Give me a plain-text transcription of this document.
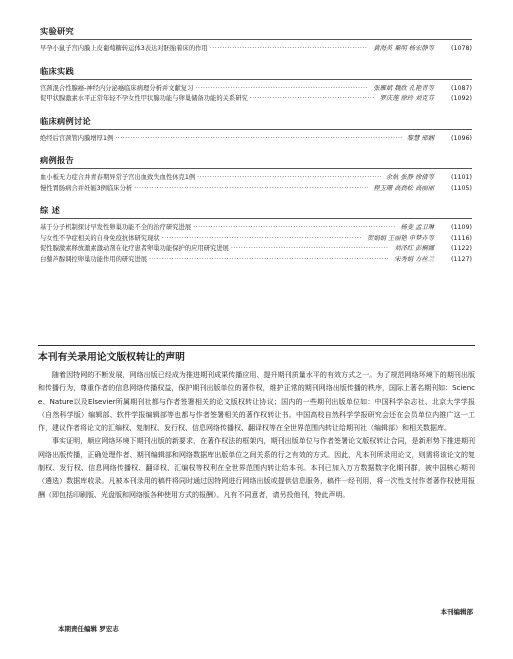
实验研究
早孕小鼠子宫内膜上皮葡萄糖转运体3表达对胚胎着床的作用 ·····	黄海英 粟明 杨宏静等	(1078)
临床实践
宫颈混合性腺癌-神经内分泌癌临床病理分析并文献复习 ·····	张雁斌 魏欣 孔艳青等	(1087)
促甲状腺激素水平正常年轻不孕女性甲状腺功能与卵巢储备功能的关系研究 ·····	罗庆莲 徐玲 刘克芬	(1092)
临床病例讨论
绝经后宫颈管内膜增厚1例 ·····	黎慧 邢娴	(1096)
病例报告
血小板无力症合并青春期异常子宫出血致失血性休克1例 ·····	余航 张静 徐倩等	(1101)
慢性胃肠病合并妊娠3例临床分析 ·····	程玉珊 高劲松 高丽丽	(1105)
综 述
基于分子机制探讨早发性卵巢功能不全的治疗研究进展 ·····	杨斐 孟卫琳	(1109)
与女性不孕症相关的自身免疫抗体研究现状 ·····	贺娟娟 王丽艳 申梦卉等	(1116)
促性腺激素释放激素激动剂在化疗患者卵巢功能保护的应用研究进展 ·····	刘泽红 彭桐娜	(1122)
白藜芦醇调控卵巢功能作用的研究进展 ·····	宋秀娟 方丝兰	(1127)
本刊有关录用论文版权转让的声明

随着因特网的不断发展，网络出版已经成为推进期刊成果传播应用、提升期刊质量水平的有效方式之一。为了规范网络环境下的期刊出版和传播行为，尊重作者的信息网络传播权益，保护期刊出版单位的著作权，维护正常的期刊网络出版传播的秩序，国际上著名期刊如：Science、Nature以及Elsevier所属期刊社都与作者签署相关的论文版权转让协议；国内的一些期刊出版单位如：中国科学杂志社、北京大学学报（自然科学版）编辑部、软件学报编辑部等也都与作者签署相关的著作权转让书。中国高校自然科学学报研究会还在会员单位内推广这一工作，建议作者将论文的汇编权、复制权、发行权、信息网络传播权、翻译权等在全世界范围内转让给期刊社（编辑部）和相关数据库。

事实证明，顺应网络环境下期刊出版的新要求，在著作权法的框架内，期刊出版单位与作者签署论文版权转让合同，是新形势下推进期刊网络出版传播，正确处理作者、期刊编辑部和网络数据库出版单位之间关系的行之有效的方式。因此，凡本刊所录用论文，则需将该论文的复制权、发行权、信息网络传播权、翻译权、汇编权等权利在全世界范围内转让给本刊。本刊已加入万方数据数字化期刊群，被中国核心期刊（遴选）数据库收录。凡被本刊录用的稿件将同时通过因特网进行网络出版或提供信息服务，稿件一经刊用，将一次性支付作者著作权使用报酬（即包括印刷版、光盘版和网络版各种使用方式的报酬）。凡有不同意者，请另投他刊，特此声明。

本刊编辑部
本期责任编辑 罗宏志
